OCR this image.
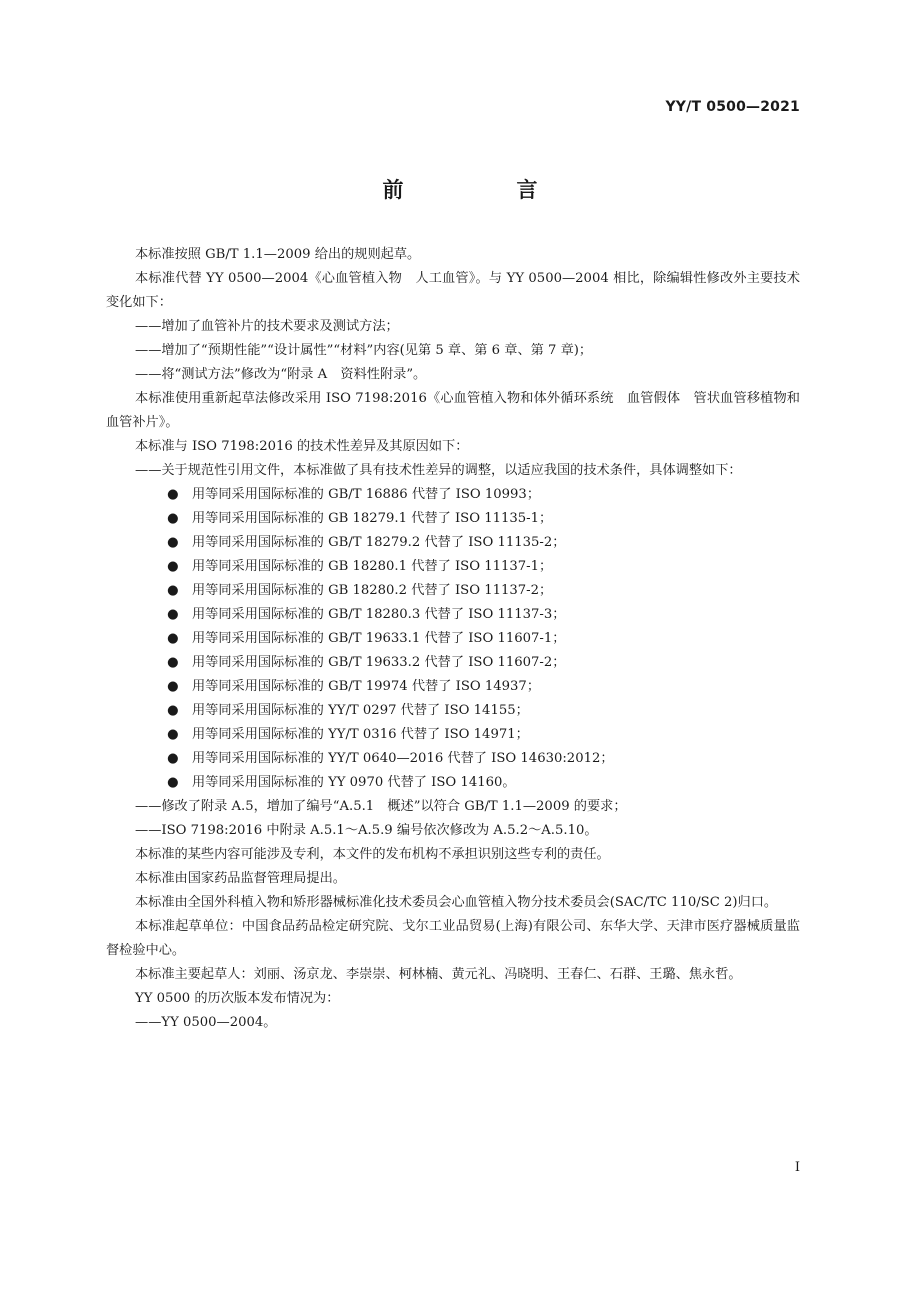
YY/T 0500—2021
前　言

本标准按照 GB/T 1.1—2009 给出的规则起草。

本标准代替 YY 0500—2004《心血管植入物　人工血管》。与 YY 0500—2004 相比，除编辑性修改外主要技术变化如下：

——增加了血管补片的技术要求及测试方法；

——增加了“预期性能”“设计属性”“材料”内容(见第 5 章、第 6 章、第 7 章)；

——将“测试方法”修改为“附录 A　资料性附录”。

本标准使用重新起草法修改采用 ISO 7198:2016《心血管植入物和体外循环系统　血管假体　管状血管移植物和血管补片》。

本标准与 ISO 7198:2016 的技术性差异及其原因如下：

——关于规范性引用文件，本标准做了具有技术性差异的调整，以适应我国的技术条件，具体调整如下：

● 用等同采用国际标准的 GB/T 16886 代替了 ISO 10993；

● 用等同采用国际标准的 GB 18279.1 代替了 ISO 11135-1；

● 用等同采用国际标准的 GB/T 18279.2 代替了 ISO 11135-2；

● 用等同采用国际标准的 GB 18280.1 代替了 ISO 11137-1；

● 用等同采用国际标准的 GB 18280.2 代替了 ISO 11137-2；

● 用等同采用国际标准的 GB/T 18280.3 代替了 ISO 11137-3；

● 用等同采用国际标准的 GB/T 19633.1 代替了 ISO 11607-1；

● 用等同采用国际标准的 GB/T 19633.2 代替了 ISO 11607-2；

● 用等同采用国际标准的 GB/T 19974 代替了 ISO 14937；

● 用等同采用国际标准的 YY/T 0297 代替了 ISO 14155；

● 用等同采用国际标准的 YY/T 0316 代替了 ISO 14971；

● 用等同采用国际标准的 YY/T 0640—2016 代替了 ISO 14630:2012；

● 用等同采用国际标准的 YY 0970 代替了 ISO 14160。

——修改了附录 A.5，增加了编号“A.5.1　概述”以符合 GB/T 1.1—2009 的要求；

——ISO 7198:2016 中附录 A.5.1～A.5.9 编号依次修改为 A.5.2～A.5.10。

本标准的某些内容可能涉及专利，本文件的发布机构不承担识别这些专利的责任。

本标准由国家药品监督管理局提出。

本标准由全国外科植入物和矫形器械标准化技术委员会心血管植入物分技术委员会(SAC/TC 110/SC 2)归口。

本标准起草单位：中国食品药品检定研究院、戈尔工业品贸易(上海)有限公司、东华大学、天津市医疗器械质量监督检验中心。

本标准主要起草人：刘丽、汤京龙、李崇崇、柯林楠、黄元礼、冯晓明、王春仁、石群、王璐、焦永哲。

YY 0500 的历次版本发布情况为：

——YY 0500—2004。

I
